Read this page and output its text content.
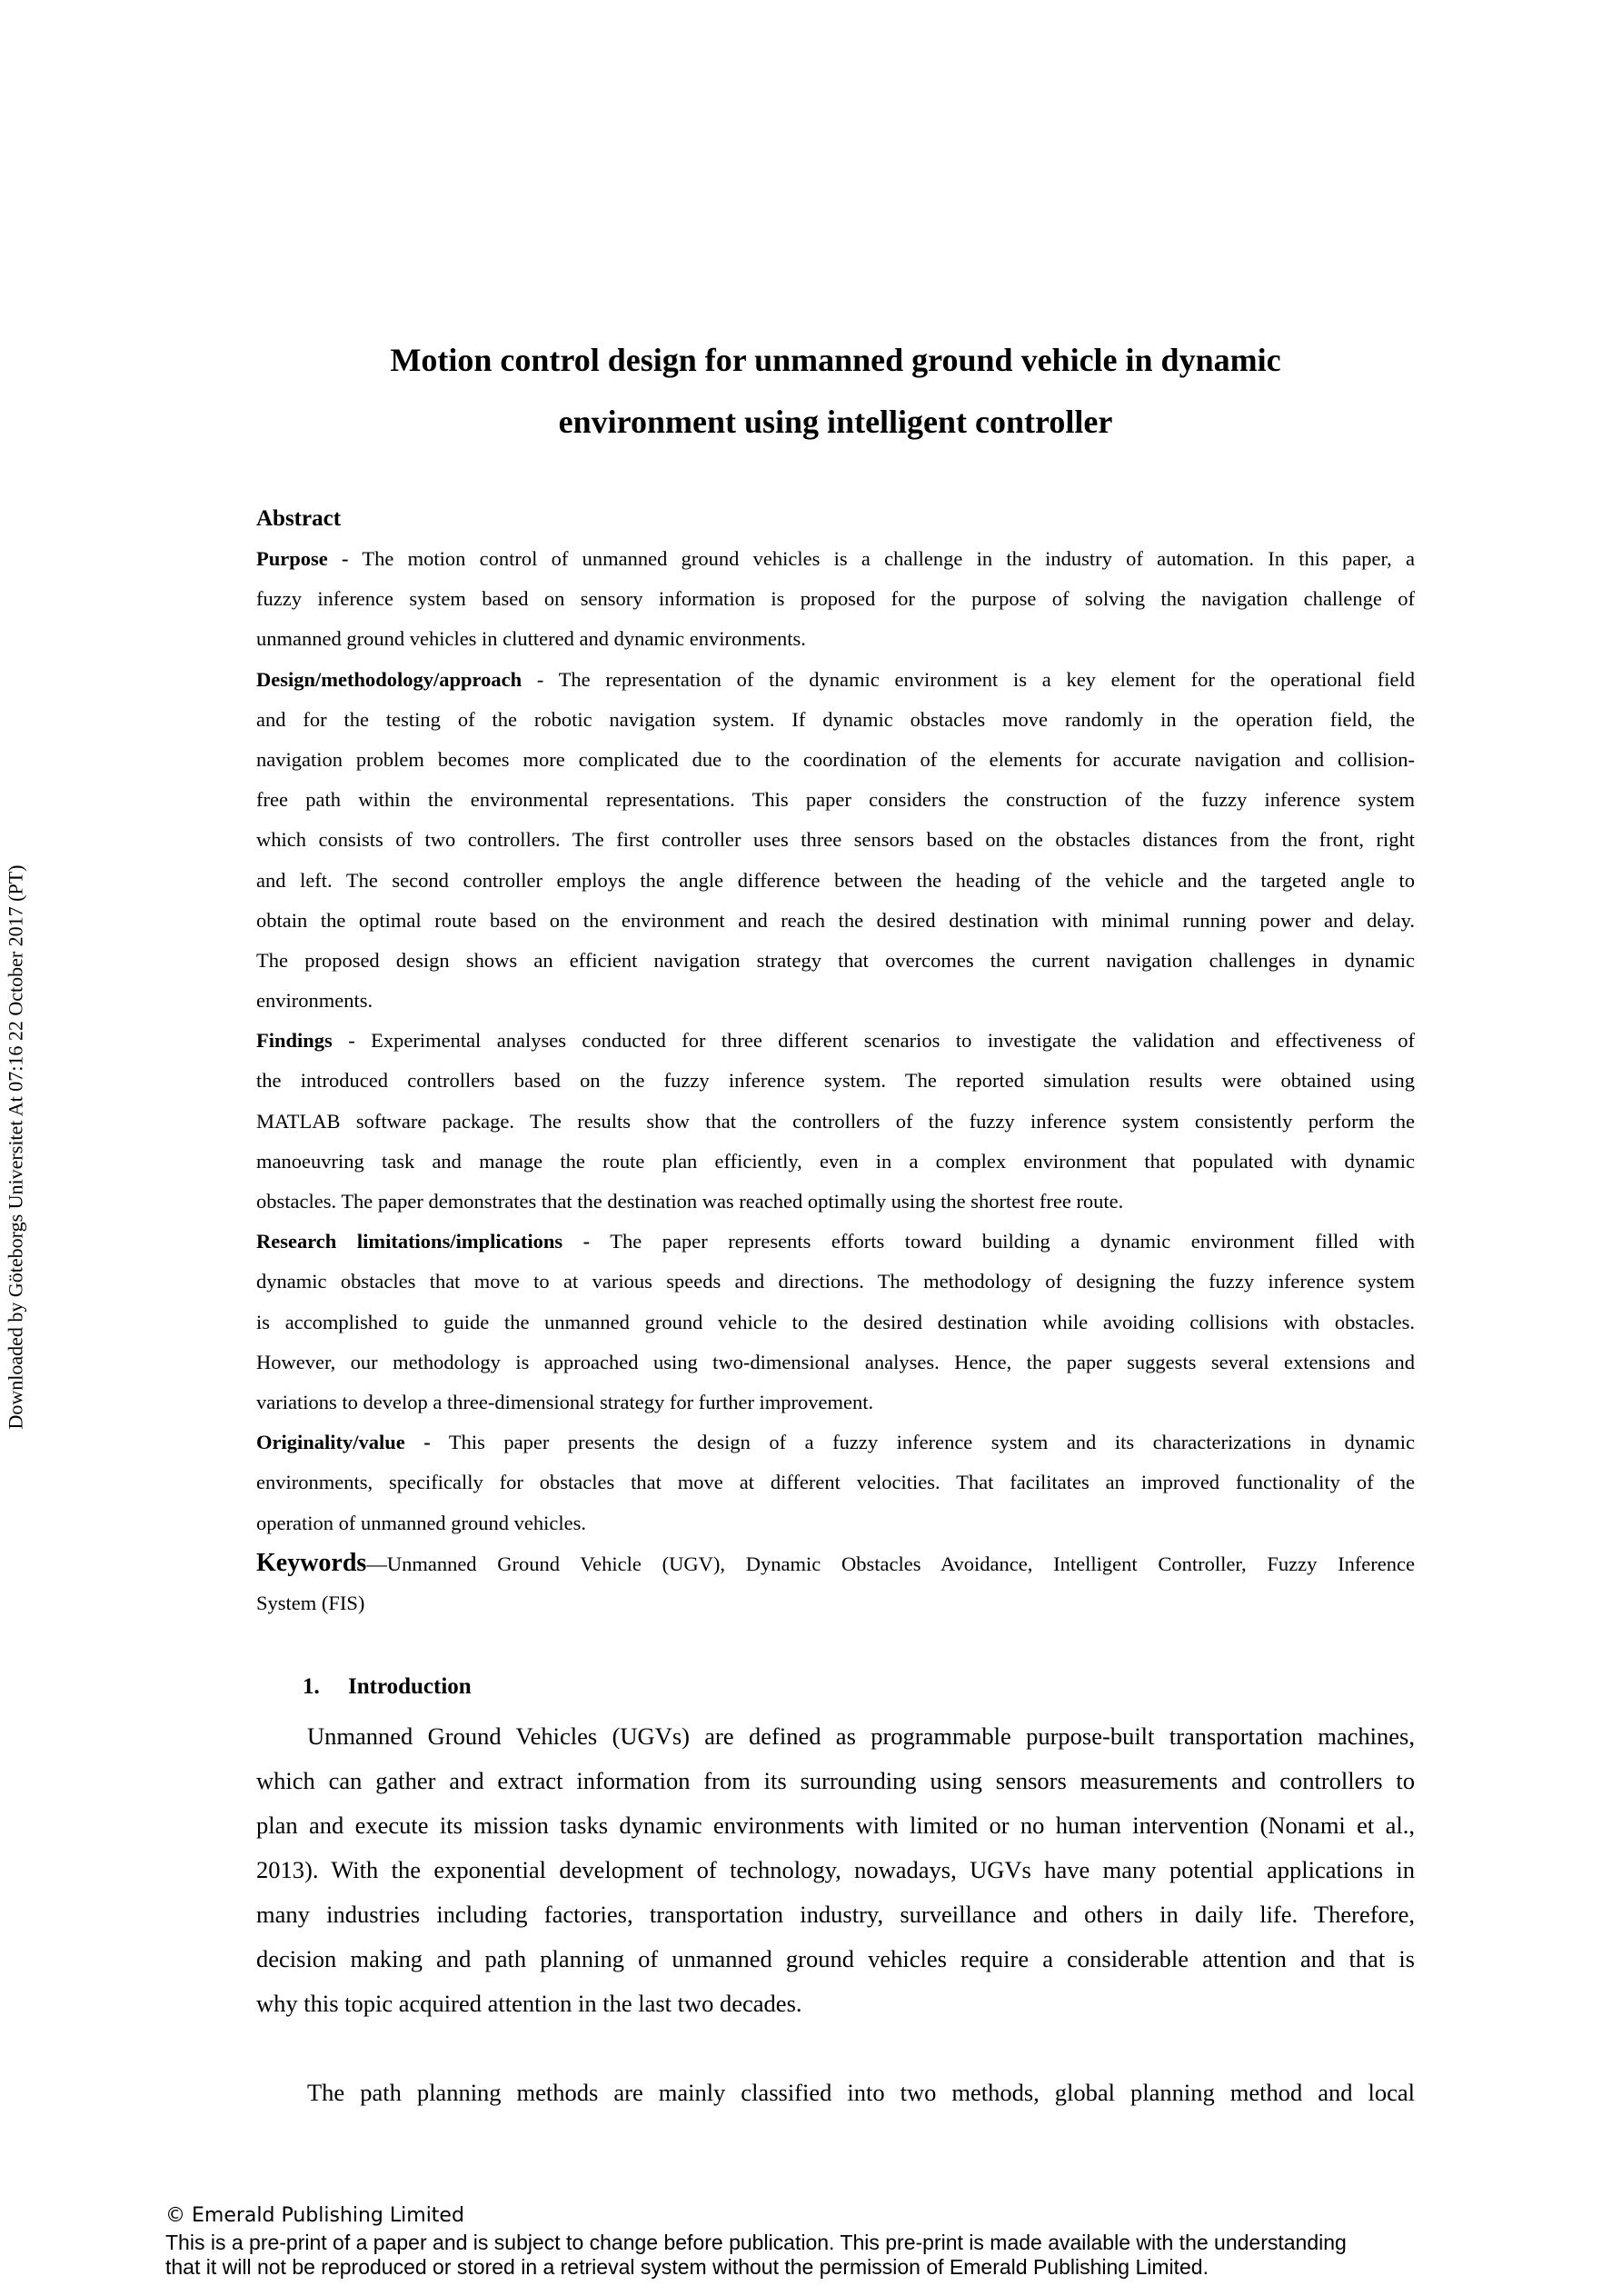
Downloaded by Göteborgs Universitet At 07:16 22 October 2017 (PT)
Motion control design for unmanned ground vehicle in dynamic
environment using intelligent controller
Abstract
Purpose - The motion control of unmanned ground vehicles is a challenge in the industry of automation. In this paper, a
fuzzy inference system based on sensory information is proposed for the purpose of solving the navigation challenge of
unmanned ground vehicles in cluttered and dynamic environments.
Design/methodology/approach - The representation of the dynamic environment is a key element for the operational field
and for the testing of the robotic navigation system. If dynamic obstacles move randomly in the operation field, the
navigation problem becomes more complicated due to the coordination of the elements for accurate navigation and collision-
free path within the environmental representations. This paper considers the construction of the fuzzy inference system
which consists of two controllers. The first controller uses three sensors based on the obstacles distances from the front, right
and left. The second controller employs the angle difference between the heading of the vehicle and the targeted angle to
obtain the optimal route based on the environment and reach the desired destination with minimal running power and delay.
The proposed design shows an efficient navigation strategy that overcomes the current navigation challenges in dynamic
environments.
Findings - Experimental analyses conducted for three different scenarios to investigate the validation and effectiveness of
the introduced controllers based on the fuzzy inference system. The reported simulation results were obtained using
MATLAB software package. The results show that the controllers of the fuzzy inference system consistently perform the
manoeuvring task and manage the route plan efficiently, even in a complex environment that populated with dynamic
obstacles. The paper demonstrates that the destination was reached optimally using the shortest free route.
Research limitations/implications - The paper represents efforts toward building a dynamic environment filled with
dynamic obstacles that move to at various speeds and directions. The methodology of designing the fuzzy inference system
is accomplished to guide the unmanned ground vehicle to the desired destination while avoiding collisions with obstacles.
However, our methodology is approached using two-dimensional analyses. Hence, the paper suggests several extensions and
variations to develop a three-dimensional strategy for further improvement.
Originality/value - This paper presents the design of a fuzzy inference system and its characterizations in dynamic
environments, specifically for obstacles that move at different velocities. That facilitates an improved functionality of the
operation of unmanned ground vehicles.
Keywords—Unmanned Ground Vehicle (UGV), Dynamic Obstacles Avoidance, Intelligent Controller, Fuzzy Inference
System (FIS)
1. Introduction
Unmanned Ground Vehicles (UGVs) are defined as programmable purpose-built transportation machines,
which can gather and extract information from its surrounding using sensors measurements and controllers to
plan and execute its mission tasks dynamic environments with limited or no human intervention (Nonami et al.,
2013). With the exponential development of technology, nowadays, UGVs have many potential applications in
many industries including factories, transportation industry, surveillance and others in daily life. Therefore,
decision making and path planning of unmanned ground vehicles require a considerable attention and that is
why this topic acquired attention in the last two decades.
The path planning methods are mainly classified into two methods, global planning method and local
© Emerald Publishing Limited
This is a pre-print of a paper and is subject to change before publication. This pre-print is made available with the understanding
that it will not be reproduced or stored in a retrieval system without the permission of Emerald Publishing Limited.
